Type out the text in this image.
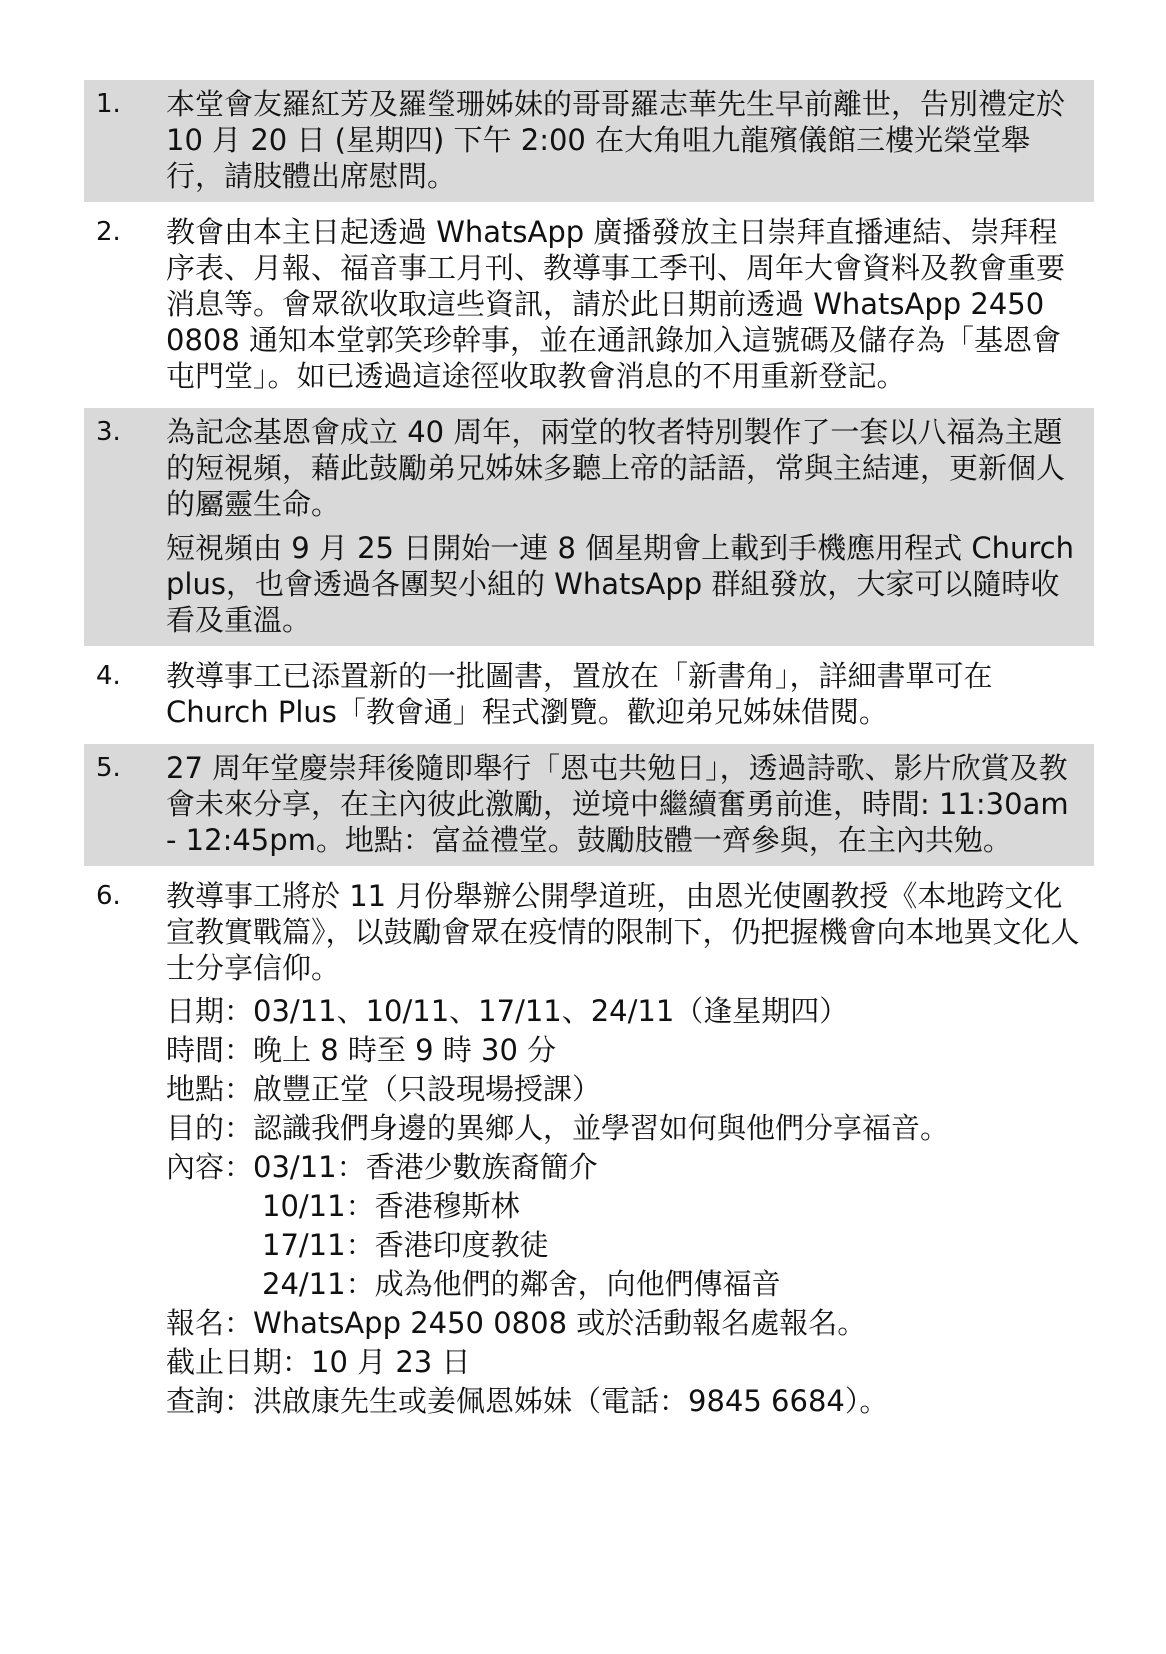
1. 本堂會友羅紅芳及羅瑩珊姊妹的哥哥羅志華先生早前離世，告別禮定於 10 月 20 日 (星期四) 下午 2:00 在大角咀九龍殯儀館三樓光榮堂舉行，請肢體出席慰問。

2. 教會由本主日起透過 WhatsApp 廣播發放主日崇拜直播連結、崇拜程序表、月報、福音事工月刊、教導事工季刊、周年大會資料及教會重要消息等。會眾欲收取這些資訊，請於此日期前透過 WhatsApp 2450 0808 通知本堂郭笑珍幹事，並在通訊錄加入這號碼及儲存為「基恩會屯門堂」。如已透過這途徑收取教會消息的不用重新登記。

3. 為記念基恩會成立 40 周年，兩堂的牧者特別製作了一套以八福為主題的短視頻，藉此鼓勵弟兄姊妹多聽上帝的話語，常與主結連，更新個人的屬靈生命。

短視頻由 9 月 25 日開始一連 8 個星期會上載到手機應用程式 Church plus，也會透過各團契小組的 WhatsApp 群組發放，大家可以隨時收看及重溫。

4. 教導事工已添置新的一批圖書，置放在「新書角」，詳細書單可在 Church Plus「教會通」程式瀏覽。歡迎弟兄姊妹借閱。

5. 27 周年堂慶崇拜後隨即舉行「恩屯共勉日」，透過詩歌、影片欣賞及教會未來分享，在主內彼此激勵，逆境中繼續奮勇前進，時間: 11:30am - 12:45pm。地點：富益禮堂。鼓勵肢體一齊參與，在主內共勉。

6. 教導事工將於 11 月份舉辦公開學道班，由恩光使團教授《本地跨文化宣教實戰篇》，以鼓勵會眾在疫情的限制下，仍把握機會向本地異文化人士分享信仰。

日期： 03/11、10/11、17/11、24/11（逢星期四）
時間： 晚上 8 時至 9 時 30 分
地點： 啟豐正堂（只設現場授課）
目的： 認識我們身邊的異鄉人，並學習如何與他們分享福音。
內容： 03/11：香港少數族裔簡介
10/11：香港穆斯林
17/11：香港印度教徒
24/11：成為他們的鄰舍，向他們傳福音
報名： WhatsApp 2450 0808 或於活動報名處報名。
截止日期： 10 月 23 日
查詢： 洪啟康先生或姜佩恩姊妹（電話：9845 6684）。
